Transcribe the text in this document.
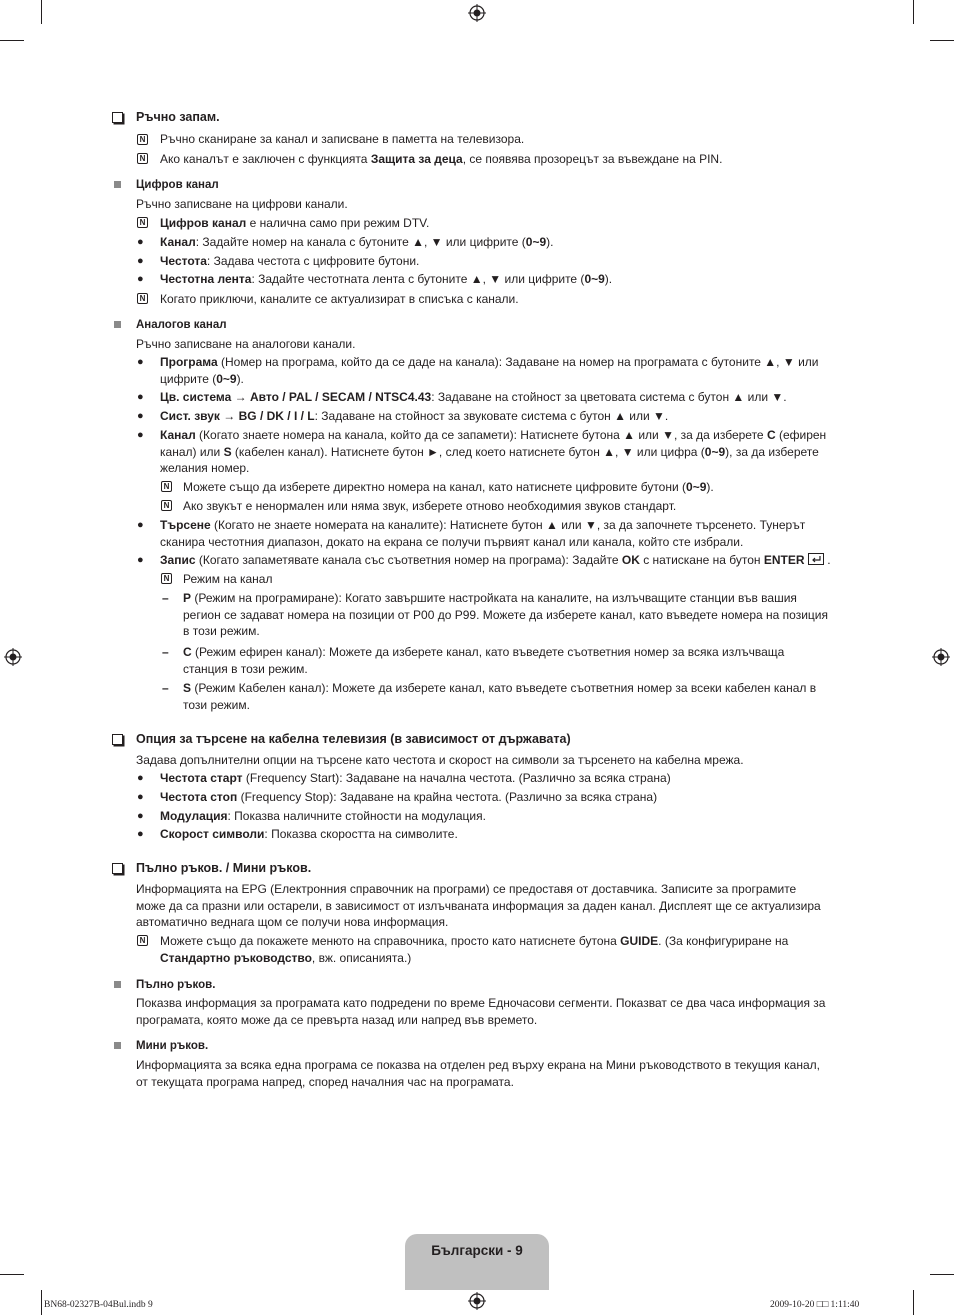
Ръчно запам.
N Ръчно сканиране за канал и записване в паметта на телевизора.
N Ако каналът е заключен с функцията Защита за деца, се появява прозорецът за въвеждане на PIN.
Цифров канал
Ръчно записване на цифрови канали.
N Цифров канал е налична само при режим DTV.
● Канал: Задайте номер на канала с бутоните ▲, ▼ или цифрите (0~9).
● Честота: Задава честота с цифровите бутони.
● Честотна лента: Задайте честотната лента с бутоните ▲, ▼ или цифрите (0~9).
N Когато приключи, каналите се актуализират в списъка с канали.
Аналогов канал
Ръчно записване на аналогови канали.
● Програма (Номер на програма, който да се даде на канала): Задаване на номер на програмата с бутоните ▲, ▼ или
цифрите (0~9).
● Цв. система → Авто / PAL / SECAM / NTSC4.43: Задаване на стойност за цветовата система с бутон ▲ или ▼.
● Сист. звук → BG / DK / I / L: Задаване на стойност за звуковате система с бутон ▲ или ▼.
● Канал (Когато знаете номера на канала, който да се запамети): Натиснете бутона ▲ или ▼, за да изберете C (ефирен
канал) или S (кабелен канал). Натиснете бутон ►, след което натиснете бутон ▲, ▼ или цифра (0~9), за да изберете
желания номер.
N Можете също да изберете директно номера на канал, като натиснете цифровите бутони (0~9).
N Ако звукът е ненормален или няма звук, изберете отново необходимия звуков стандарт.
● Търсене (Когато не знаете номерата на каналите): Натиснете бутон ▲ или ▼, за да започнете търсенето. Тунерът
сканира честотния диапазон, докато на екрана се получи първият канал или канала, който сте избрали.
● Запис (Когато запаметявате канала със съответния номер на програма): Задайте OK с натискане на бутон ENTER .
N Режим на канал
– P (Режим на програмиране): Когато завършите настройката на каналите, на излъчващите станции във вашия
регион се задават номера на позиции от P00 до P99. Можете да изберете канал, като въведете номера на позиция
в този режим.
– C (Режим ефирен канал): Можете да изберете канал, като въведете съответния номер за всяка излъчваща
станция в този режим.
– S (Режим Кабелен канал): Можете да изберете канал, като въведете съответния номер за всеки кабелен канал в
този режим.
Опция за търсене на кабелна телевизия (в зависимост от държавата)
Задава допълнителни опции на търсене като честота и скорост на символи за търсенето на кабелна мрежа.
● Честота старт (Frequency Start): Задаване на начална честота. (Различно за всяка страна)
● Честота стоп (Frequency Stop): Задаване на крайна честота. (Различно за всяка страна)
● Модулация: Показва наличните стойности на модулация.
● Скорост символи: Показва скоростта на символите.
Пълно ръков. / Мини ръков.
Информацията на EPG (Електронния справочник на програми) се предоставя от доставчика. Записите за програмите
може да са празни или остарели, в зависимост от излъчваната информация за даден канал. Дисплеят ще се актуализира
автоматично веднага щом се получи нова информация.
N Можете също да покажете менюто на справочника, просто като натиснете бутона GUIDE. (За конфигуриране на
Стандартно ръководство, вж. описанията.)
Пълно ръков.
Показва информация за програмата като подредени по време Едночасови сегменти. Показват се два часа информация за
програмата, която може да се превърта назад или напред във времето.
Мини ръков.
Информацията за всяка една програма се показва на отделен ред върху екрана на Мини ръководството в текущия канал,
от текущата програма напред, според началния час на програмата.
Български - 9
BN68-02327B-04Bul.indb 9	2009-10-20 □□ 1:11:40
